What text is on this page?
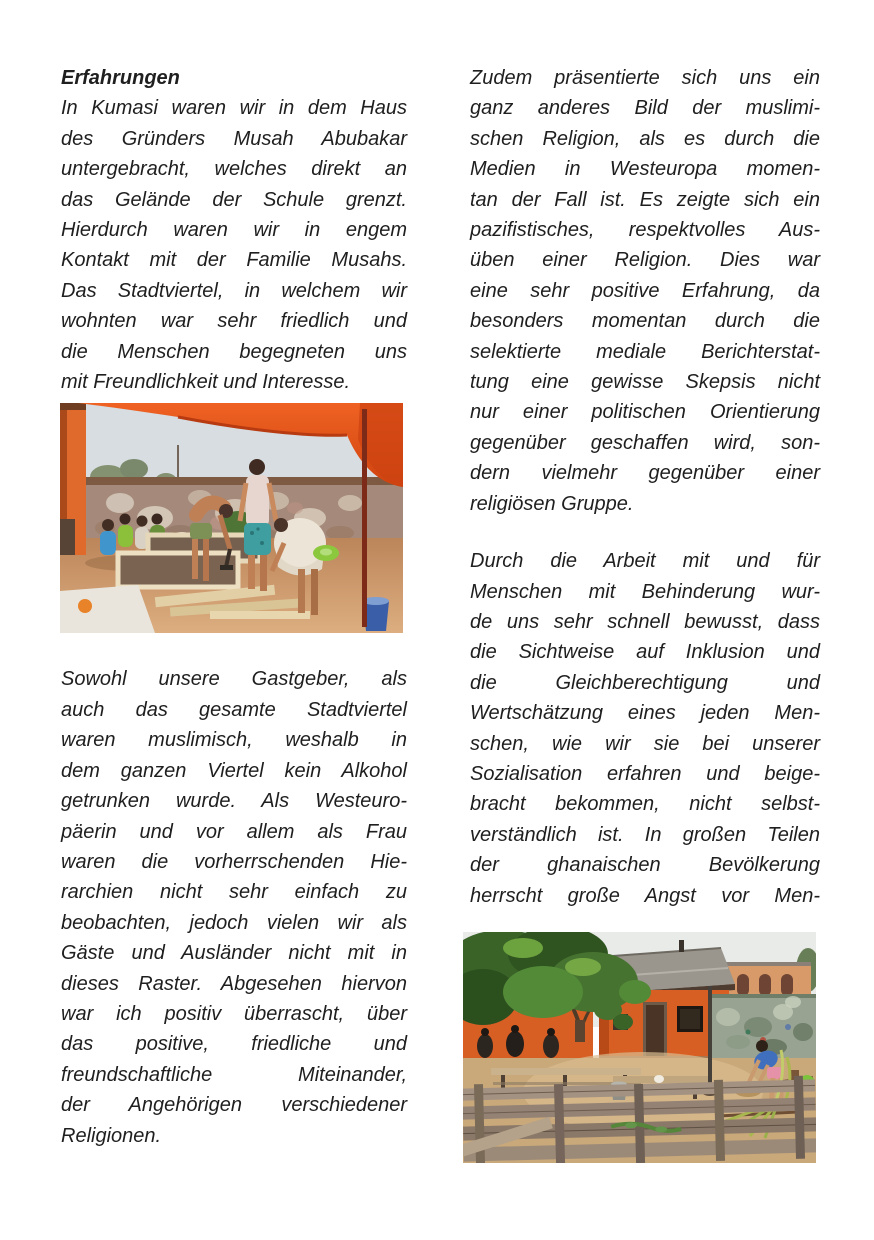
Erfahrungen
In Kumasi waren wir in dem Haus
des Gründers Musah Abubakar
untergebracht, welches direkt an
das Gelände der Schule grenzt.
Hierdurch waren wir in engem
Kontakt mit der Familie Musahs.
Das Stadtviertel, in welchem wir
wohnten war sehr friedlich und
die Menschen begegneten uns
mit Freundlichkeit und Interesse.
Sowohl unsere Gastgeber, als
auch das gesamte Stadtviertel
waren muslimisch, weshalb in
dem ganzen Viertel kein Alkohol
getrunken wurde. Als Westeuro-
päerin und vor allem als Frau
waren die vorherrschenden Hie-
rarchien nicht sehr einfach zu
beobachten, jedoch vielen wir als
Gäste und Ausländer nicht mit in
dieses Raster. Abgesehen hiervon
war ich positiv überrascht, über
das positive, friedliche und
freundschaftliche Miteinander,
der Angehörigen verschiedener
Religionen.
Zudem präsentierte sich uns ein
ganz anderes Bild der muslimi-
schen Religion, als es durch die
Medien in Westeuropa momen-
tan der Fall ist. Es zeigte sich ein
pazifistisches, respektvolles Aus-
üben einer Religion. Dies war
eine sehr positive Erfahrung, da
besonders momentan durch die
selektierte mediale Berichterstat-
tung eine gewisse Skepsis nicht
nur einer politischen Orientierung
gegenüber geschaffen wird, son-
dern vielmehr gegenüber einer
religiösen Gruppe.
Durch die Arbeit mit und für
Menschen mit Behinderung wur-
de uns sehr schnell bewusst, dass
die Sichtweise auf Inklusion und
die Gleichberechtigung und
Wertschätzung eines jeden Men-
schen, wie wir sie bei unserer
Sozialisation erfahren und beige-
bracht bekommen, nicht selbst-
verständlich ist. In großen Teilen
der ghanaischen Bevölkerung
herrscht große Angst vor Men-
